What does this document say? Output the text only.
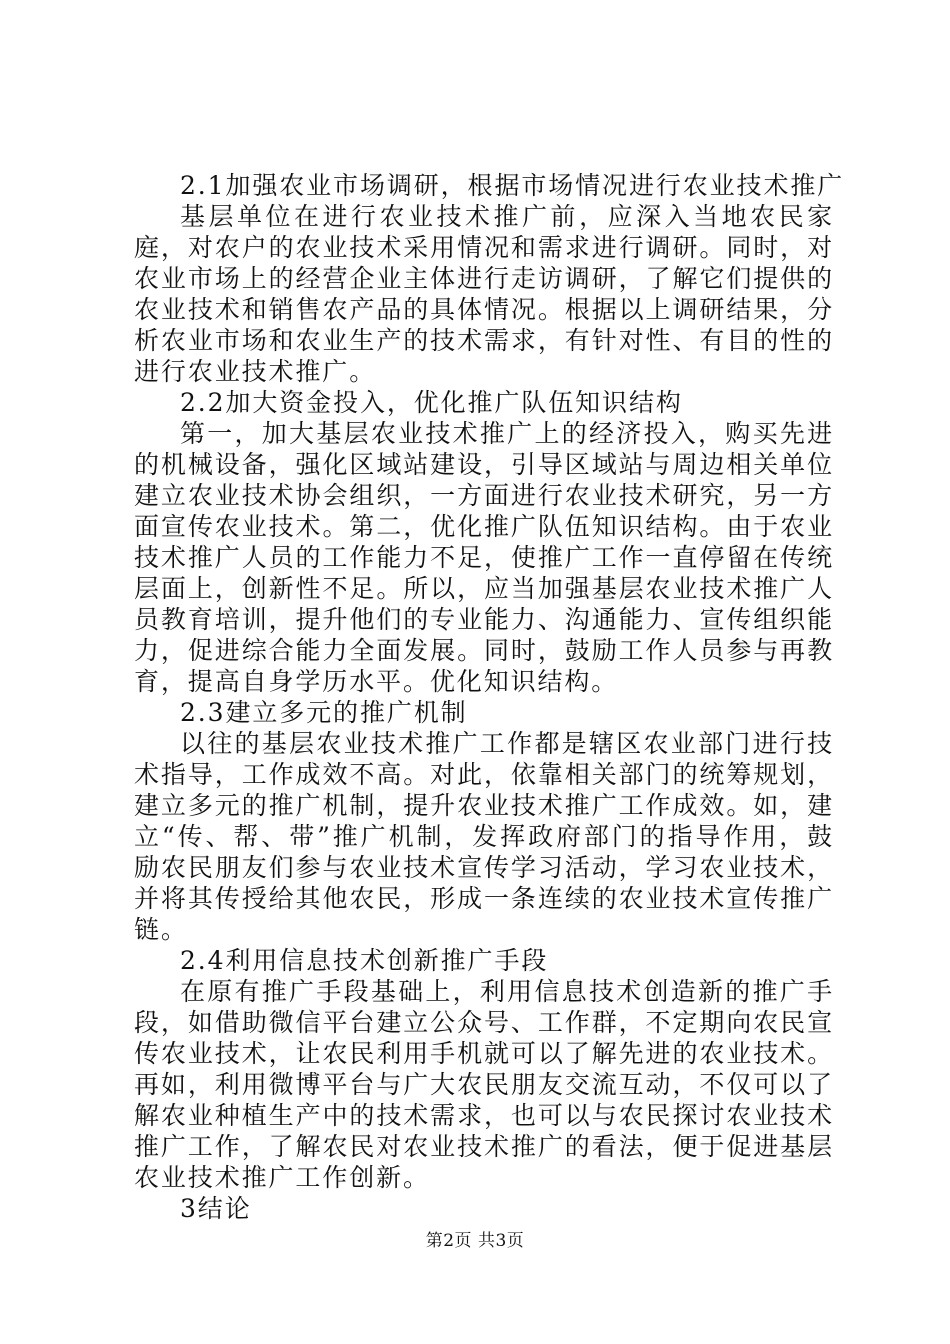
2.1加强农业市场调研，根据市场情况进行农业技术推广

基层单位在进行农业技术推广前，应深入当地农民家庭，对农户的农业技术采用情况和需求进行调研。同时，对农业市场上的经营企业主体进行走访调研，了解它们提供的农业技术和销售农产品的具体情况。根据以上调研结果，分析农业市场和农业生产的技术需求，有针对性、有目的性的进行农业技术推广。

2.2加大资金投入，优化推广队伍知识结构

第一，加大基层农业技术推广上的经济投入，购买先进的机械设备，强化区域站建设，引导区域站与周边相关单位建立农业技术协会组织，一方面进行农业技术研究，另一方面宣传农业技术。第二，优化推广队伍知识结构。由于农业技术推广人员的工作能力不足，使推广工作一直停留在传统层面上，创新性不足。所以，应当加强基层农业技术推广人员教育培训，提升他们的专业能力、沟通能力、宣传组织能力，促进综合能力全面发展。同时，鼓励工作人员参与再教育，提高自身学历水平。优化知识结构。

2.3建立多元的推广机制

以往的基层农业技术推广工作都是辖区农业部门进行技术指导，工作成效不高。对此，依靠相关部门的统筹规划，建立多元的推广机制，提升农业技术推广工作成效。如，建立“传、帮、带”推广机制，发挥政府部门的指导作用，鼓励农民朋友们参与农业技术宣传学习活动，学习农业技术，并将其传授给其他农民，形成一条连续的农业技术宣传推广链。

2.4利用信息技术创新推广手段

在原有推广手段基础上，利用信息技术创造新的推广手段，如借助微信平台建立公众号、工作群，不定期向农民宣传农业技术，让农民利用手机就可以了解先进的农业技术。再如，利用微博平台与广大农民朋友交流互动，不仅可以了解农业种植生产中的技术需求，也可以与农民探讨农业技术推广工作，了解农民对农业技术推广的看法，便于促进基层农业技术推广工作创新。

3结论

第2页 共3页
